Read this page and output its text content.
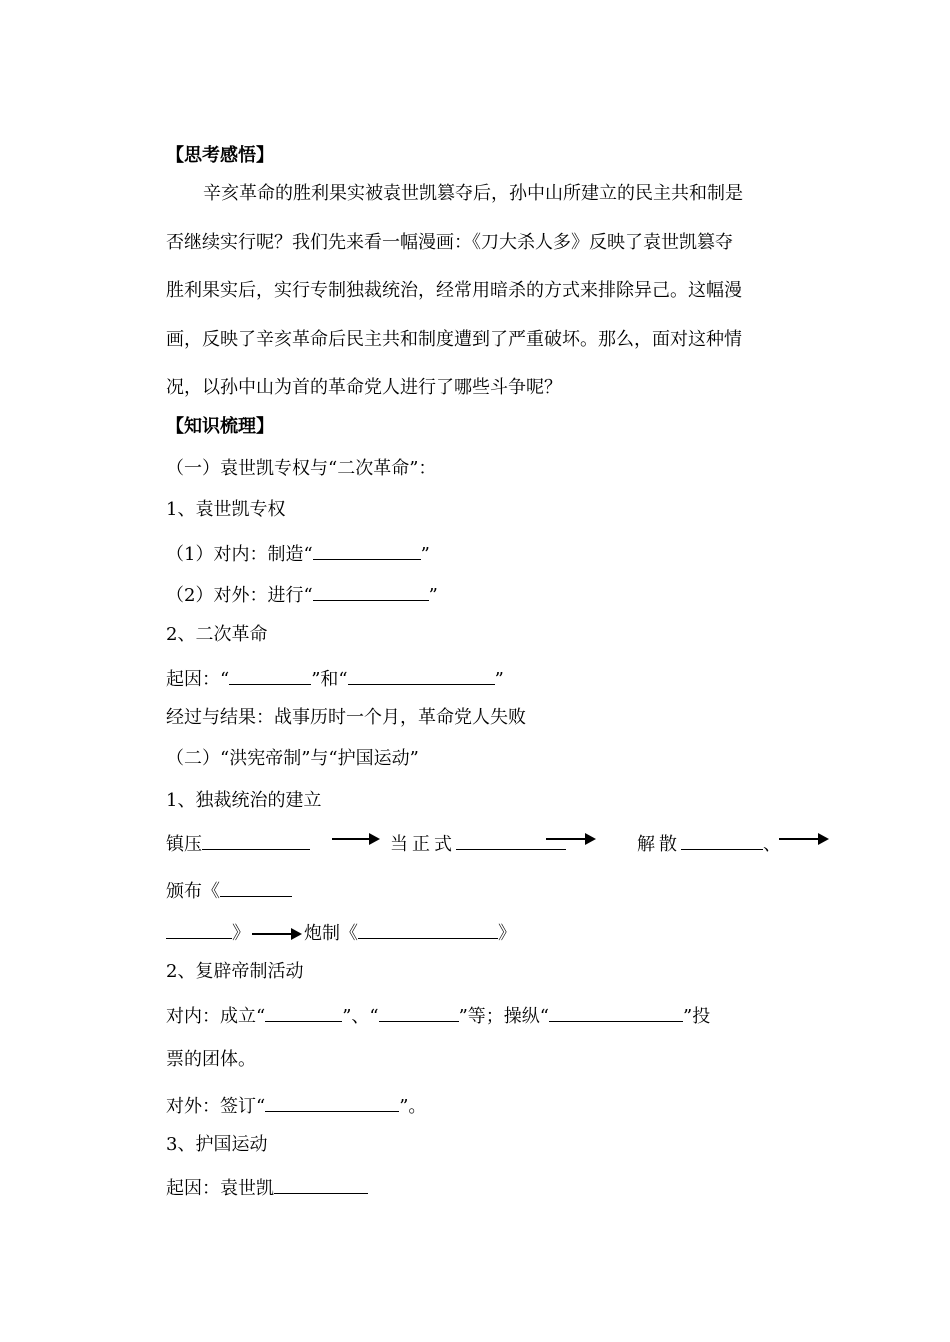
【思考感悟】
辛亥革命的胜利果实被袁世凯篡夺后，孙中山所建立的民主共和制是
否继续实行呢？我们先来看一幅漫画：《刀大杀人多》反映了袁世凯篡夺
胜利果实后，实行专制独裁统治，经常用暗杀的方式来排除异己。这幅漫
画，反映了辛亥革命后民主共和制度遭到了严重破坏。那么，面对这种情
况，以孙中山为首的革命党人进行了哪些斗争呢？
【知识梳理】
（一）袁世凯专权与“二次革命”：
1、袁世凯专权
（1）对内：制造“	”
（2）对外：进行“	”
2、二次革命
起因：“	”和“	”
经过与结果：战事历时一个月，革命党人失败
（二）“洪宪帝制”与“护国运动”
1、独裁统治的建立
镇压	当正式	解散	、
颁布《
》	炮制《	》
2、复辟帝制活动
对内：成立“	”、“	”等；操纵“	”投
票的团体。
对外：签订“	”。
3、护国运动
起因：袁世凯
